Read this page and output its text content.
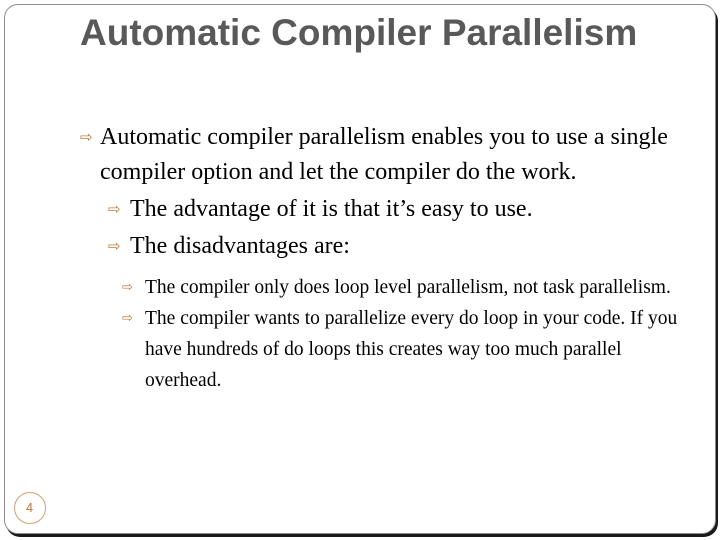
Automatic Compiler Parallelism

⇨ Automatic compiler parallelism enables you to use a single compiler option and let the compiler do the work.

⇨ The advantage of it is that it’s easy to use.

⇨ The disadvantages are:

⇨ The compiler only does loop level parallelism, not task parallelism.

⇨ The compiler wants to parallelize every do loop in your code. If you have hundreds of do loops this creates way too much parallel overhead.

4
